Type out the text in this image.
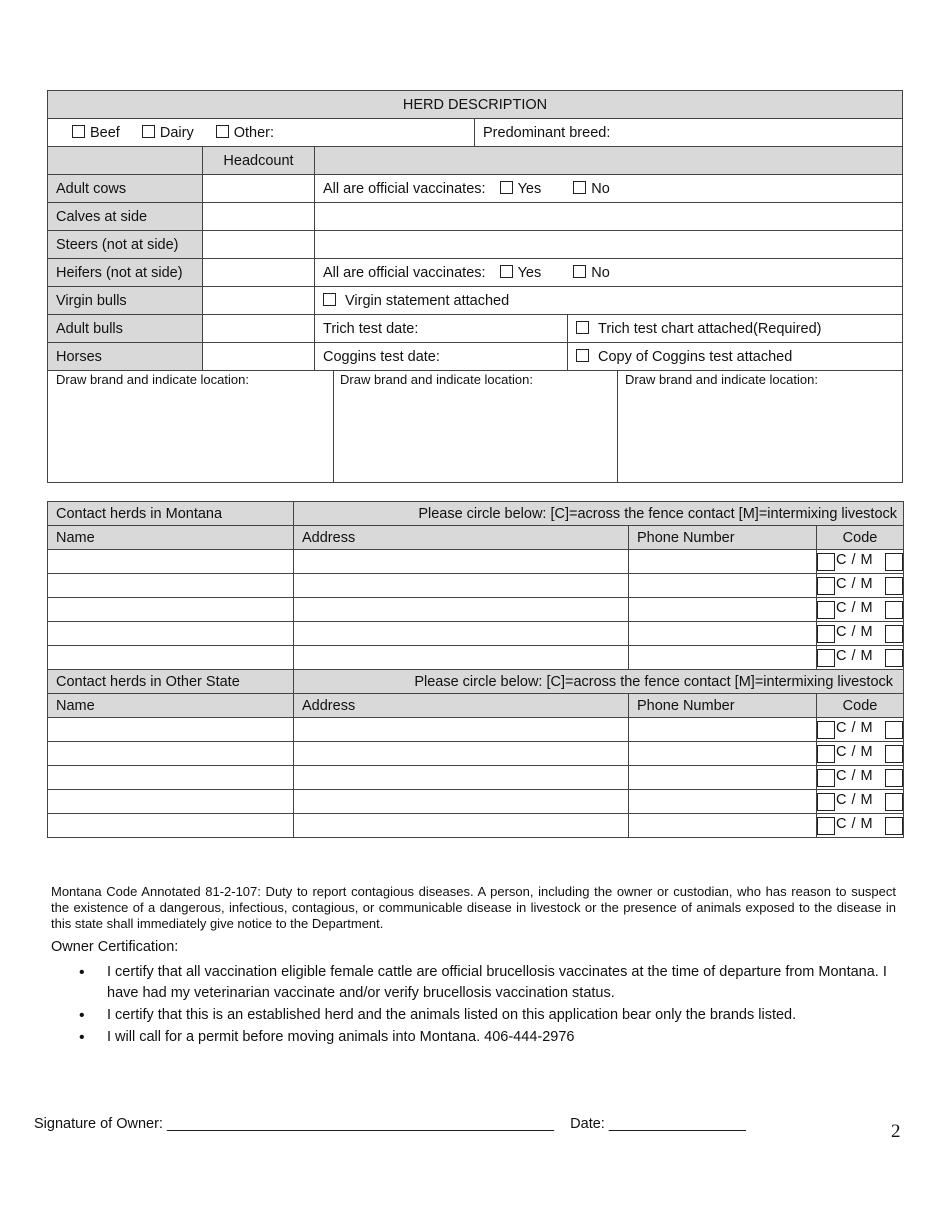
HERD DESCRIPTION				
Beef Dairy Other:			Predominant breed:	
	Headcount			
Adult cows		All are official vaccinates: Yes No		
Calves at side				
Steers (not at side)				
Heifers (not at side)		All are official vaccinates: Yes No		
Virgin bulls		Virgin statement attached		
Adult bulls		Trich test date:		Trich test chart attached(Required)
Horses		Coggins test date:		Copy of Coggins test attached
Draw brand and indicate location:	Draw brand and indicate location:	Draw brand and indicate location:
Contact herds in Montana	Please circle below: [C]=across the fence contact [M]=intermixing livestock		
Name	Address	Phone Number	Code

			C / M

			C / M

			C / M

			C / M

			C / M

Contact herds in Other State	Please circle below: [C]=across the fence contact [M]=intermixing livestock		
Name	Address	Phone Number	Code

			C / M

			C / M

			C / M

			C / M

			C / M
Montana Code Annotated 81-2-107: Duty to report contagious diseases. A person, including the owner or custodian, who has reason to suspect the existence of a dangerous, infectious, contagious, or communicable disease in livestock or the presence of animals exposed to the disease in this state shall immediately give notice to the Department.
Owner Certification:
• I certify that all vaccination eligible female cattle are official brucellosis vaccinates at the time of departure from Montana. I have had my veterinarian vaccinate and/or verify brucellosis vaccination status.
• I certify that this is an established herd and the animals listed on this application bear only the brands listed.
• I will call for a permit before moving animals into Montana. 406-444-2976
Signature of Owner: ________________________________________________ Date: _________________	2
